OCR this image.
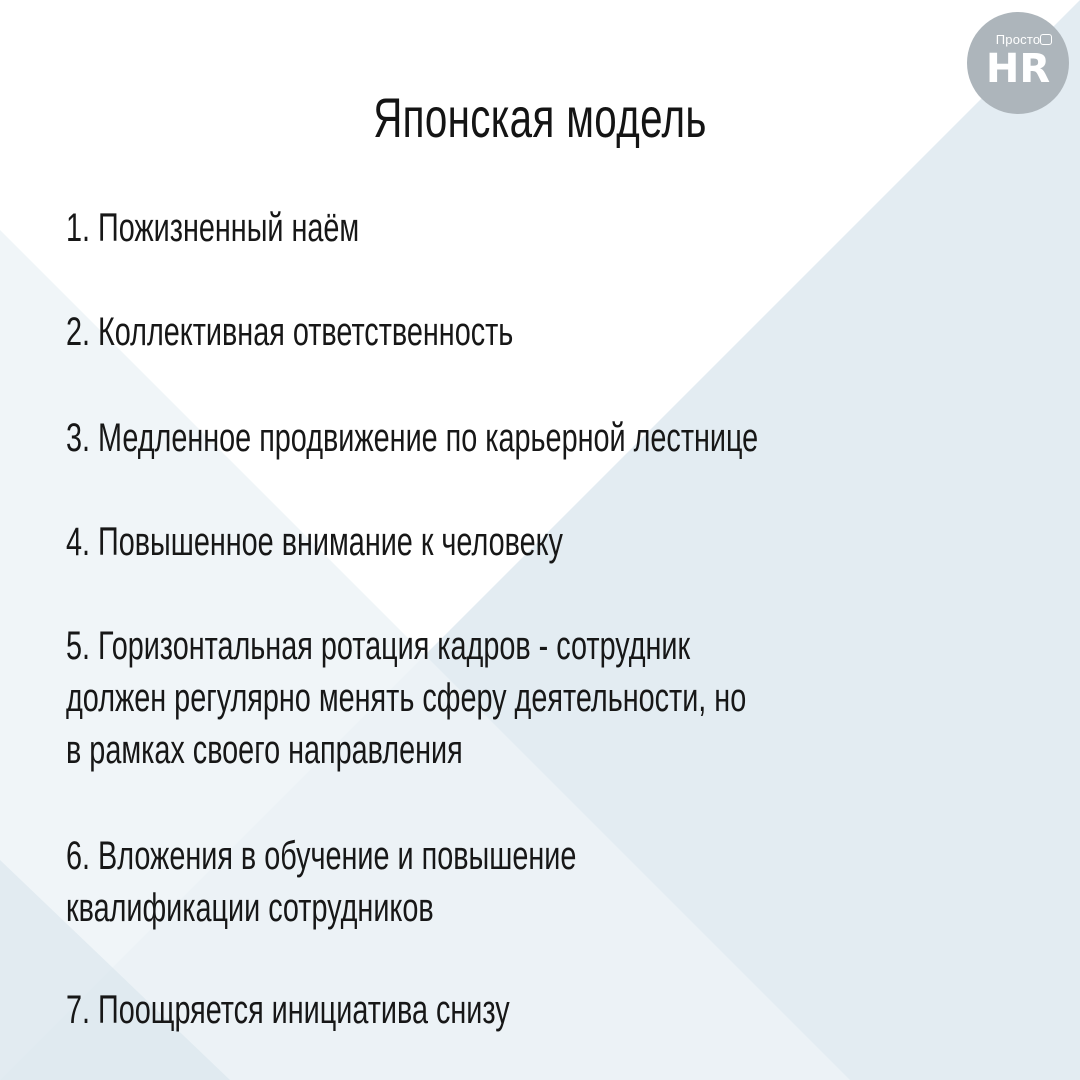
Просто
HR
Японская модель
1. Пожизненный наём
2. Коллективная ответственность
3. Медленное продвижение по карьерной лестнице
4. Повышенное внимание к человеку
5. Горизонтальная ротация кадров - сотрудник
должен регулярно менять сферу деятельности, но
в рамках своего направления
6. Вложения в обучение и повышение
квалификации сотрудников
7. Поощряется инициатива снизу
